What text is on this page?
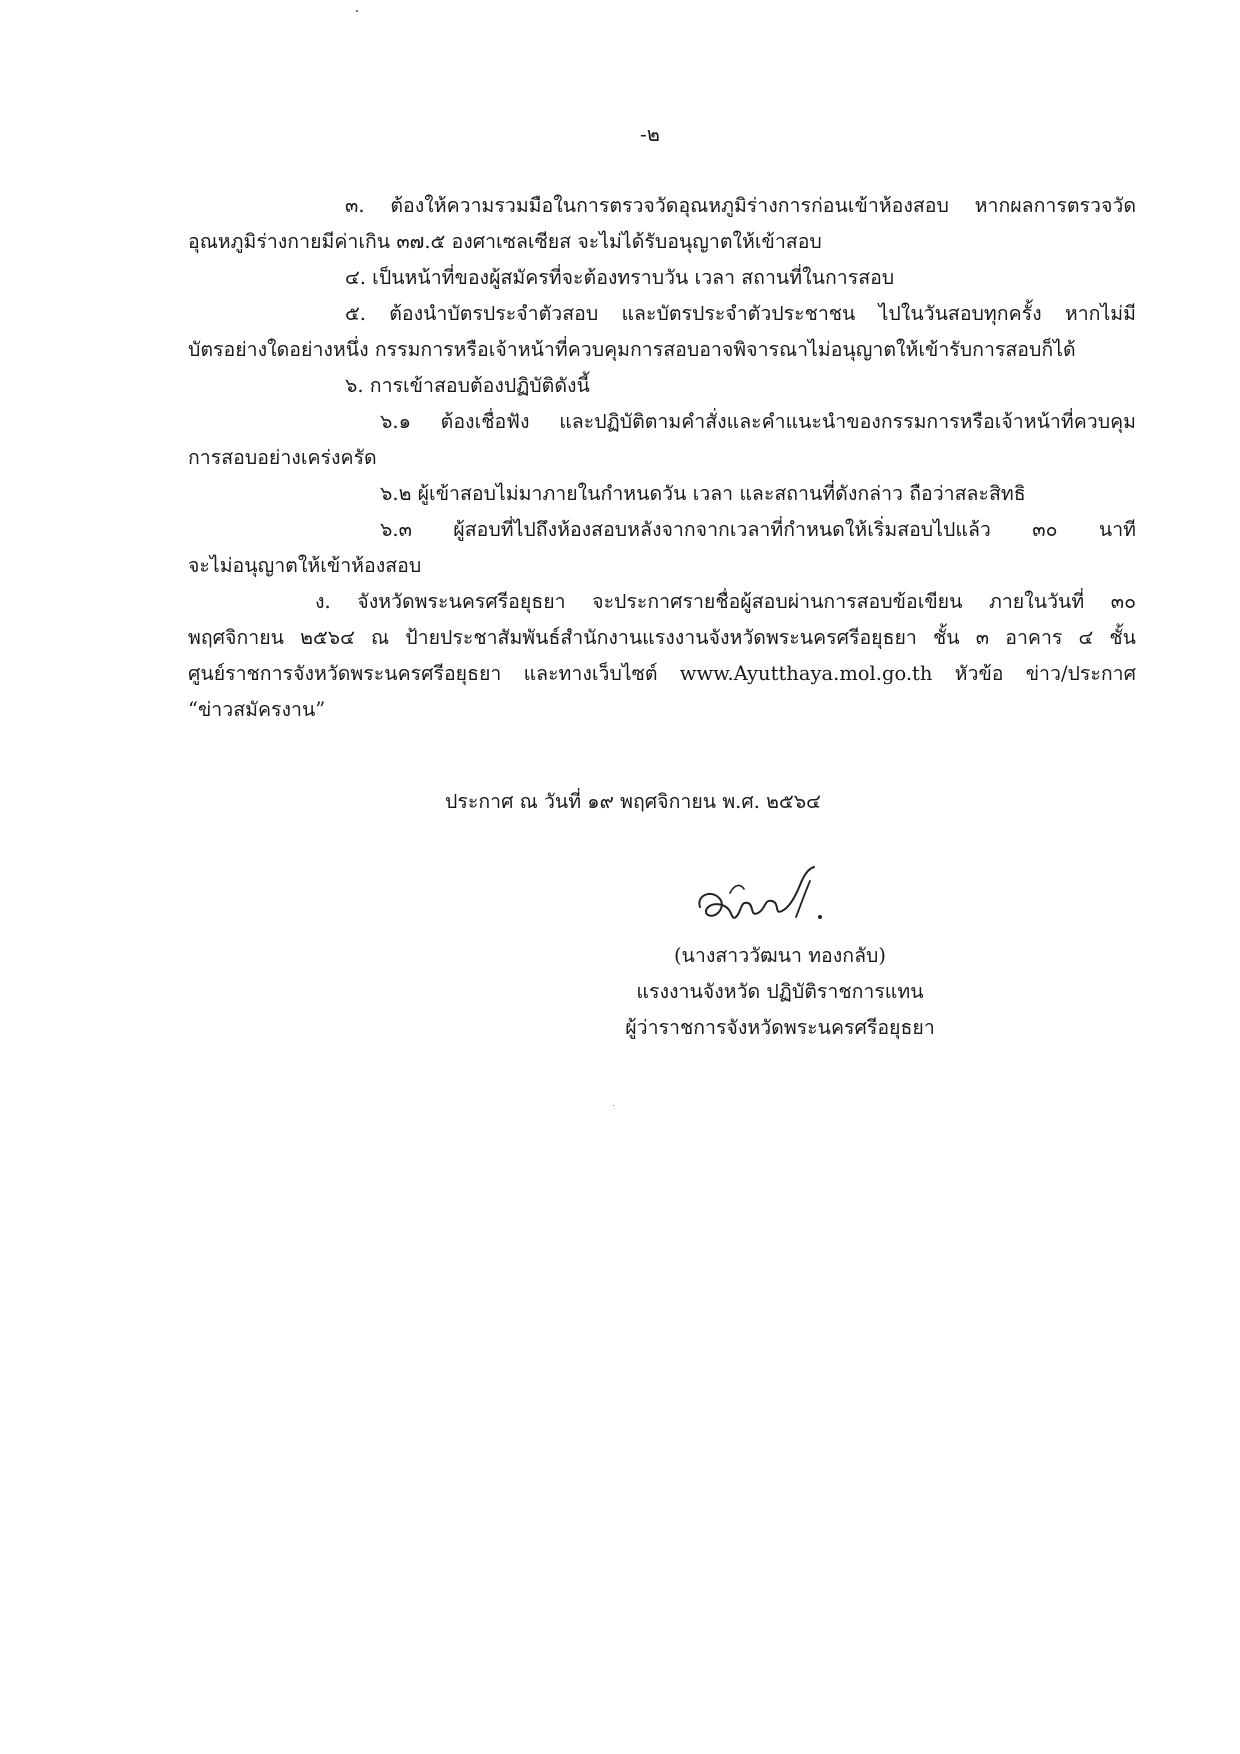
-๒
๓. ต้องให้ความรวมมือในการตรวจวัดอุณหภูมิร่างการก่อนเข้าห้องสอบ หากผลการตรวจวัด
อุณหภูมิร่างกายมีค่าเกิน ๓๗.๕ องศาเซลเซียส จะไม่ได้รับอนุญาตให้เข้าสอบ
๔. เป็นหน้าที่ของผู้สมัครที่จะต้องทราบวัน เวลา สถานที่ในการสอบ
๕. ต้องนำบัตรประจำตัวสอบ และบัตรประจำตัวประชาชน ไปในวันสอบทุกครั้ง หากไม่มี
บัตรอย่างใดอย่างหนึ่ง กรรมการหรือเจ้าหน้าที่ควบคุมการสอบอาจพิจารณาไม่อนุญาตให้เข้ารับการสอบก็ได้
๖. การเข้าสอบต้องปฏิบัติดังนี้
๖.๑ ต้องเชื่อฟัง และปฏิบัติตามคำสั่งและคำแนะนำของกรรมการหรือเจ้าหน้าที่ควบคุม
การสอบอย่างเคร่งครัด
๖.๒ ผู้เข้าสอบไม่มาภายในกำหนดวัน เวลา และสถานที่ดังกล่าว ถือว่าสละสิทธิ
๖.๓ ผู้สอบที่ไปถึงห้องสอบหลังจากจากเวลาที่กำหนดให้เริ่มสอบไปแล้ว ๓๐ นาที
จะไม่อนุญาตให้เข้าห้องสอบ
ง. จังหวัดพระนครศรีอยุธยา จะประกาศรายชื่อผู้สอบผ่านการสอบข้อเขียน ภายในวันที่ ๓๐
พฤศจิกายน ๒๕๖๔ ณ ป้ายประชาสัมพันธ์สำนักงานแรงงานจังหวัดพระนครศรีอยุธยา ชั้น ๓ อาคาร ๔ ชั้น
ศูนย์ราชการจังหวัดพระนครศรีอยุธยา และทางเว็บไซต์ www.Ayutthaya.mol.go.th หัวข้อ ข่าว/ประกาศ
“ข่าวสมัครงาน”
ประกาศ ณ วันที่ ๑๙ พฤศจิกายน พ.ศ. ๒๕๖๔
(นางสาววัฒนา ทองกลับ)
แรงงานจังหวัด ปฏิบัติราชการแทน
ผู้ว่าราชการจังหวัดพระนครศรีอยุธยา
